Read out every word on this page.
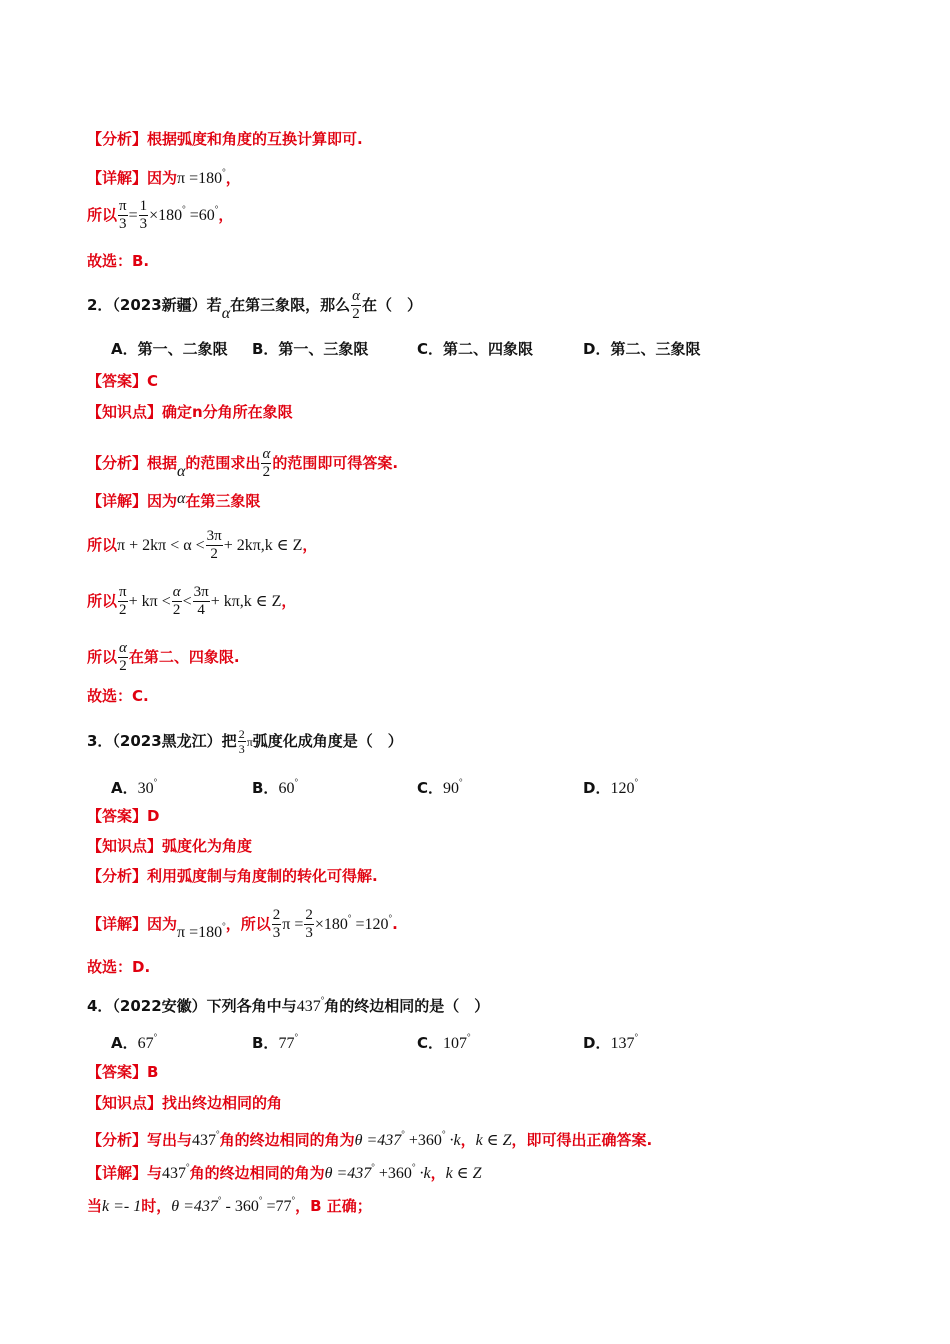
【分析】根据弧度和角度的互换计算即可.
【详解】因为π =180°，
所以 $\frac{\pi}{3} = \frac{1}{3} \times 180^\circ =60^\circ$，
故选：B.
2．（2023新疆）若α在第三象限，那么 $\frac{\alpha}{2}$ 在（　）
A．第一、二象限 B．第一、三象限	C．第二、四象限	D．第二、三象限
【答案】C
【知识点】确定n分角所在象限
【分析】根据α的范围求出 $\frac{\alpha}{2}$ 的范围即可得答案.
【详解】因为α在第三象限
所以$\pi + 2k\pi < \alpha < \frac{3\pi}{2} + 2k\pi,k$ ∈ Z，
所以 $\frac{\pi}{2} + k\pi < \frac{\alpha}{2} < \frac{3\pi}{4} + k\pi,k$ ∈ Z，
所以 $\frac{\alpha}{2}$ 在第二、四象限.
故选：C.
3．（2023黑龙江）把 $\frac{2}{3}$ π弧度化成角度是（　）
A．30°	B．60°	C．90°	D．120°
【答案】D
【知识点】弧度化为角度
【分析】利用弧度制与角度制的转化可得解.
【详解】因为π =180°，所以 $\frac{2}{3}$ $\pi = \frac{2}{3} \times 180^\circ =120^\circ$.
故选：D.
4．（2022安徽）下列各角中与437°角的终边相同的是（　）
A．67°	B．77°	C．107°	D．137°
【答案】B
【知识点】找出终边相同的角
【分析】写出与437°角的终边相同的角为θ =437° +360° ·k，k ∈ Z，即可得出正确答案.
【详解】与437°角的终边相同的角为θ =437° +360° ·k，k ∈ Z
当k =- 1时，θ =437° - 360° =77°，B 正确；
